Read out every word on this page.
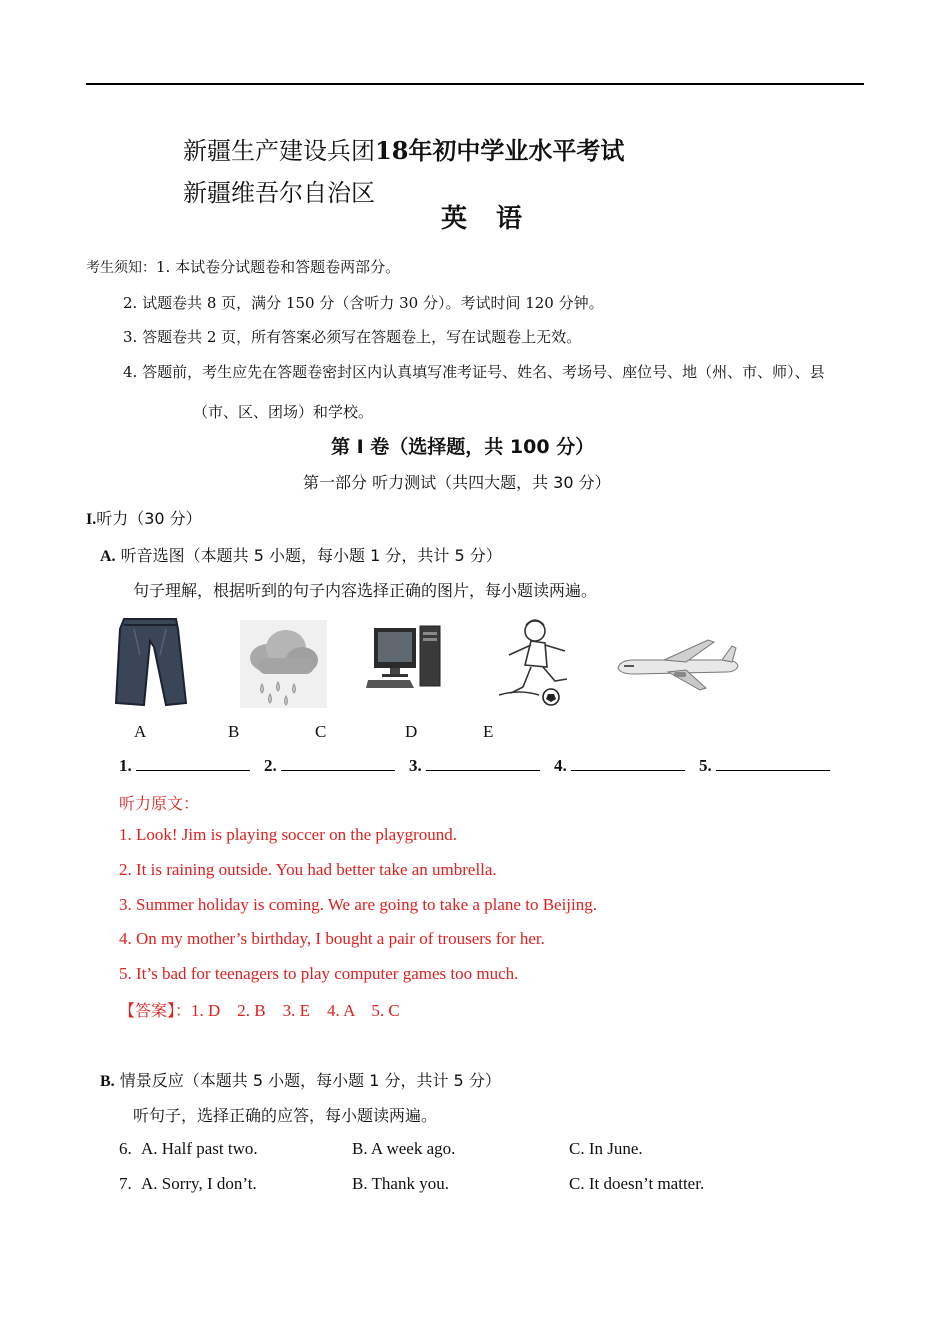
新疆生产建设兵团18年初中学业水平考试
新疆维吾尔自治区
英 语
考生须知：1. 本试卷分试题卷和答题卷两部分。
2. 试题卷共 8 页，满分 150 分（含听力 30 分）。考试时间 120 分钟。
3. 答题卷共 2 页，所有答案必须写在答题卷上，写在试题卷上无效。
4. 答题前，考生应先在答题卷密封区内认真填写准考证号、姓名、考场号、座位号、地（州、市、师）、县
（市、区、团场）和学校。
第 I 卷（选择题，共 100 分）
第一部分 听力测试（共四大题，共 30 分）
I.听力（30 分）
A. 听音选图（本题共 5 小题，每小题 1 分，共计 5 分）
句子理解，根据听到的句子内容选择正确的图片，每小题读两遍。
A	B	C	D	E
1.	2.	3.	4.	5.
听力原文：
1. Look! Jim is playing soccer on the playground.
2. It is raining outside. You had better take an umbrella.
3. Summer holiday is coming. We are going to take a plane to Beijing.
4. On my mother’s birthday, I bought a pair of trousers for her.
5. It’s bad for teenagers to play computer games too much.
【答案】：1. D    2. B    3. E    4. A    5. C
B. 情景反应（本题共 5 小题，每小题 1 分，共计 5 分）
听句子，选择正确的应答，每小题读两遍。
6. A. Half past two.	B. A week ago.	C. In June.
7. A. Sorry, I don’t.	B. Thank you.	C. It doesn’t matter.
